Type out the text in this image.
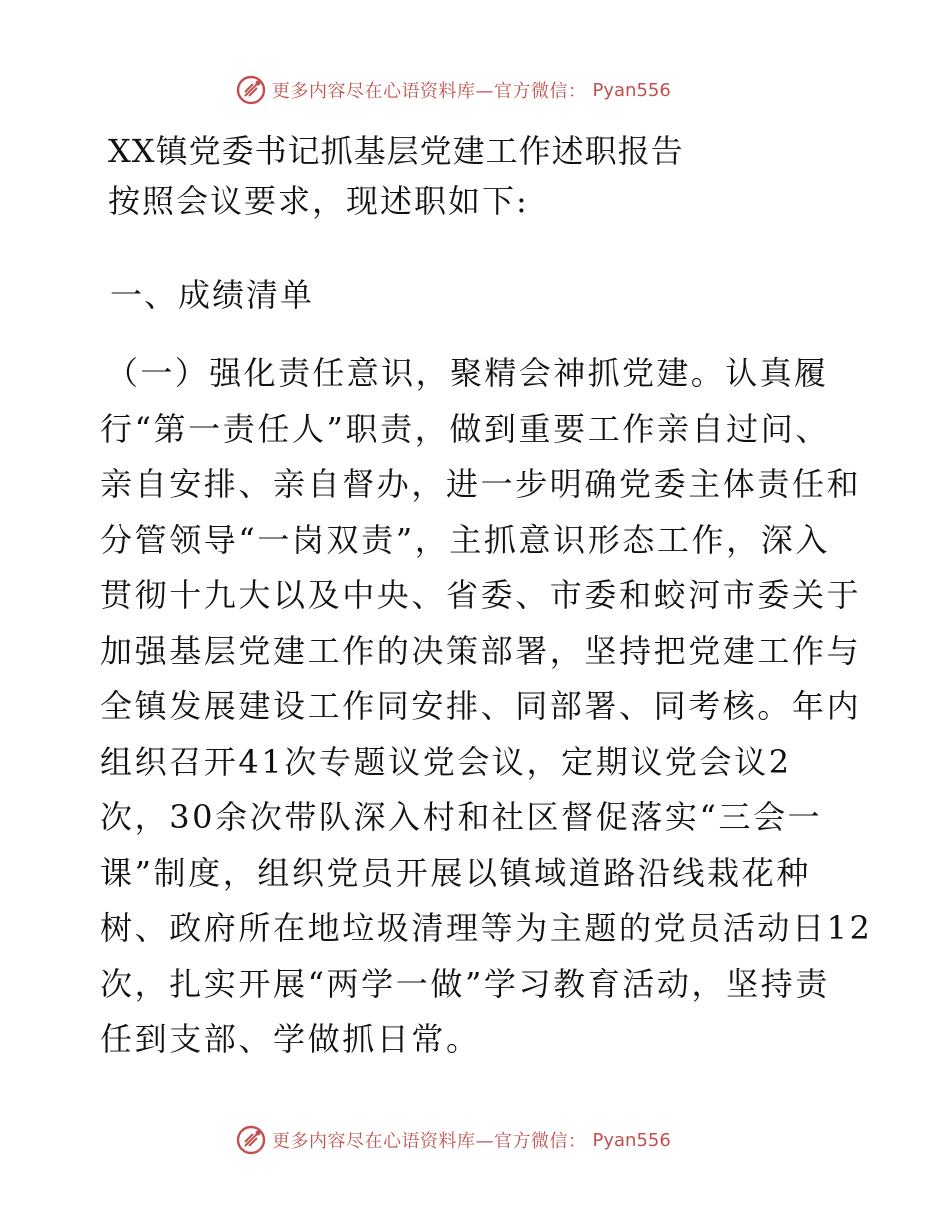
更多内容尽在心语资料库—官方微信： Pyan556
XX镇党委书记抓基层党建工作述职报告
按照会议要求，现述职如下:
一、成绩清单
（一）强化责任意识，聚精会神抓党建。认真履
行“第一责任人”职责，做到重要工作亲自过问、
亲自安排、亲自督办，进一步明确党委主体责任和
分管领导“一岗双责”，主抓意识形态工作，深入
贯彻十九大以及中央、省委、市委和蛟河市委关于
加强基层党建工作的决策部署，坚持把党建工作与
全镇发展建设工作同安排、同部署、同考核。年内
组织召开41次专题议党会议，定期议党会议2
次，30余次带队深入村和社区督促落实“三会一
课”制度，组织党员开展以镇域道路沿线栽花种
树、政府所在地垃圾清理等为主题的党员活动日12
次，扎实开展“两学一做”学习教育活动，坚持责
任到支部、学做抓日常。
更多内容尽在心语资料库—官方微信： Pyan556
